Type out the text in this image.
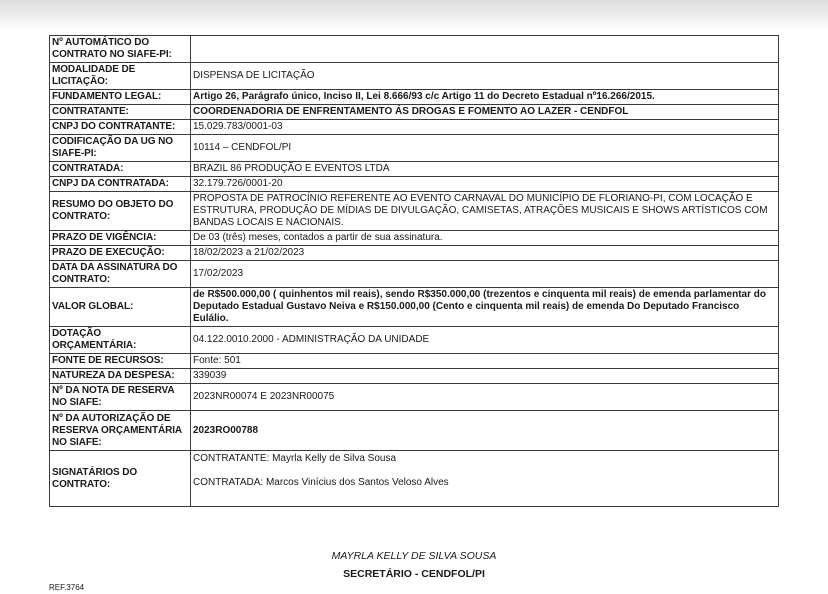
Nº AUTOMÁTICO DO CONTRATO NO SIAFE-PI:	
MODALIDADE DE LICITAÇÃO:	DISPENSA DE LICITAÇÃO
FUNDAMENTO LEGAL:	Artigo 26, Parágrafo único, Inciso II, Lei 8.666/93 c/c Artigo 11 do Decreto Estadual nº16.266/2015.
CONTRATANTE:	COORDENADORIA DE ENFRENTAMENTO ÁS DROGAS E FOMENTO AO LAZER - CENDFOL
CNPJ DO CONTRATANTE:	15.029.783/0001-03
CODIFICAÇÃO DA UG NO SIAFE-PI:	10114 – CENDFOL/PI
CONTRATADA:	BRAZIL 86 PRODUÇÃO E EVENTOS LTDA
CNPJ DA CONTRATADA:	32.179.726/0001-20
RESUMO DO OBJETO DO CONTRATO:	PROPOSTA DE PATROCÍNIO REFERENTE AO EVENTO CARNAVAL DO MUNICÍPIO DE FLORIANO-PI, COM LOCAÇÃO E ESTRUTURA, PRODUÇÃO DE MÍDIAS DE DIVULGAÇÃO, CAMISETAS, ATRAÇÕES MUSICAIS E SHOWS ARTÍSTICOS COM BANDAS LOCAIS E NACIONAIS.
PRAZO DE VIGÊNCIA:	De 03 (três) meses, contados a partir de sua assinatura.
PRAZO DE EXECUÇÃO:	18/02/2023 a 21/02/2023
DATA DA ASSINATURA DO CONTRATO:	17/02/2023
VALOR GLOBAL:	de R$500.000,00 ( quinhentos mil reais), sendo R$350.000,00 (trezentos e cinquenta mil reais) de emenda parlamentar do Deputado Estadual Gustavo Neiva e R$150.000,00 (Cento e cinquenta mil reais) de emenda Do Deputado Francisco Eulálio.
DOTAÇÃO ORÇAMENTÁRIA:	04.122.0010.2000 - ADMINISTRAÇÃO DA UNIDADE
FONTE DE RECURSOS:	Fonte: 501
NATUREZA DA DESPESA:	339039
Nº DA NOTA DE RESERVA NO SIAFE:	2023NR00074 E 2023NR00075
Nº DA AUTORIZAÇÃO DE RESERVA ORÇAMENTÁRIA NO SIAFE:	2023RO00788
SIGNATÁRIOS DO CONTRATO:	CONTRATANTE: Mayrla Kelly de Silva Sousa
CONTRATADA: Marcos Vinícius dos Santos Veloso Alves
MAYRLA KELLY DE SILVA SOUSA
SECRETÁRIO - CENDFOL/PI
REF.3764
